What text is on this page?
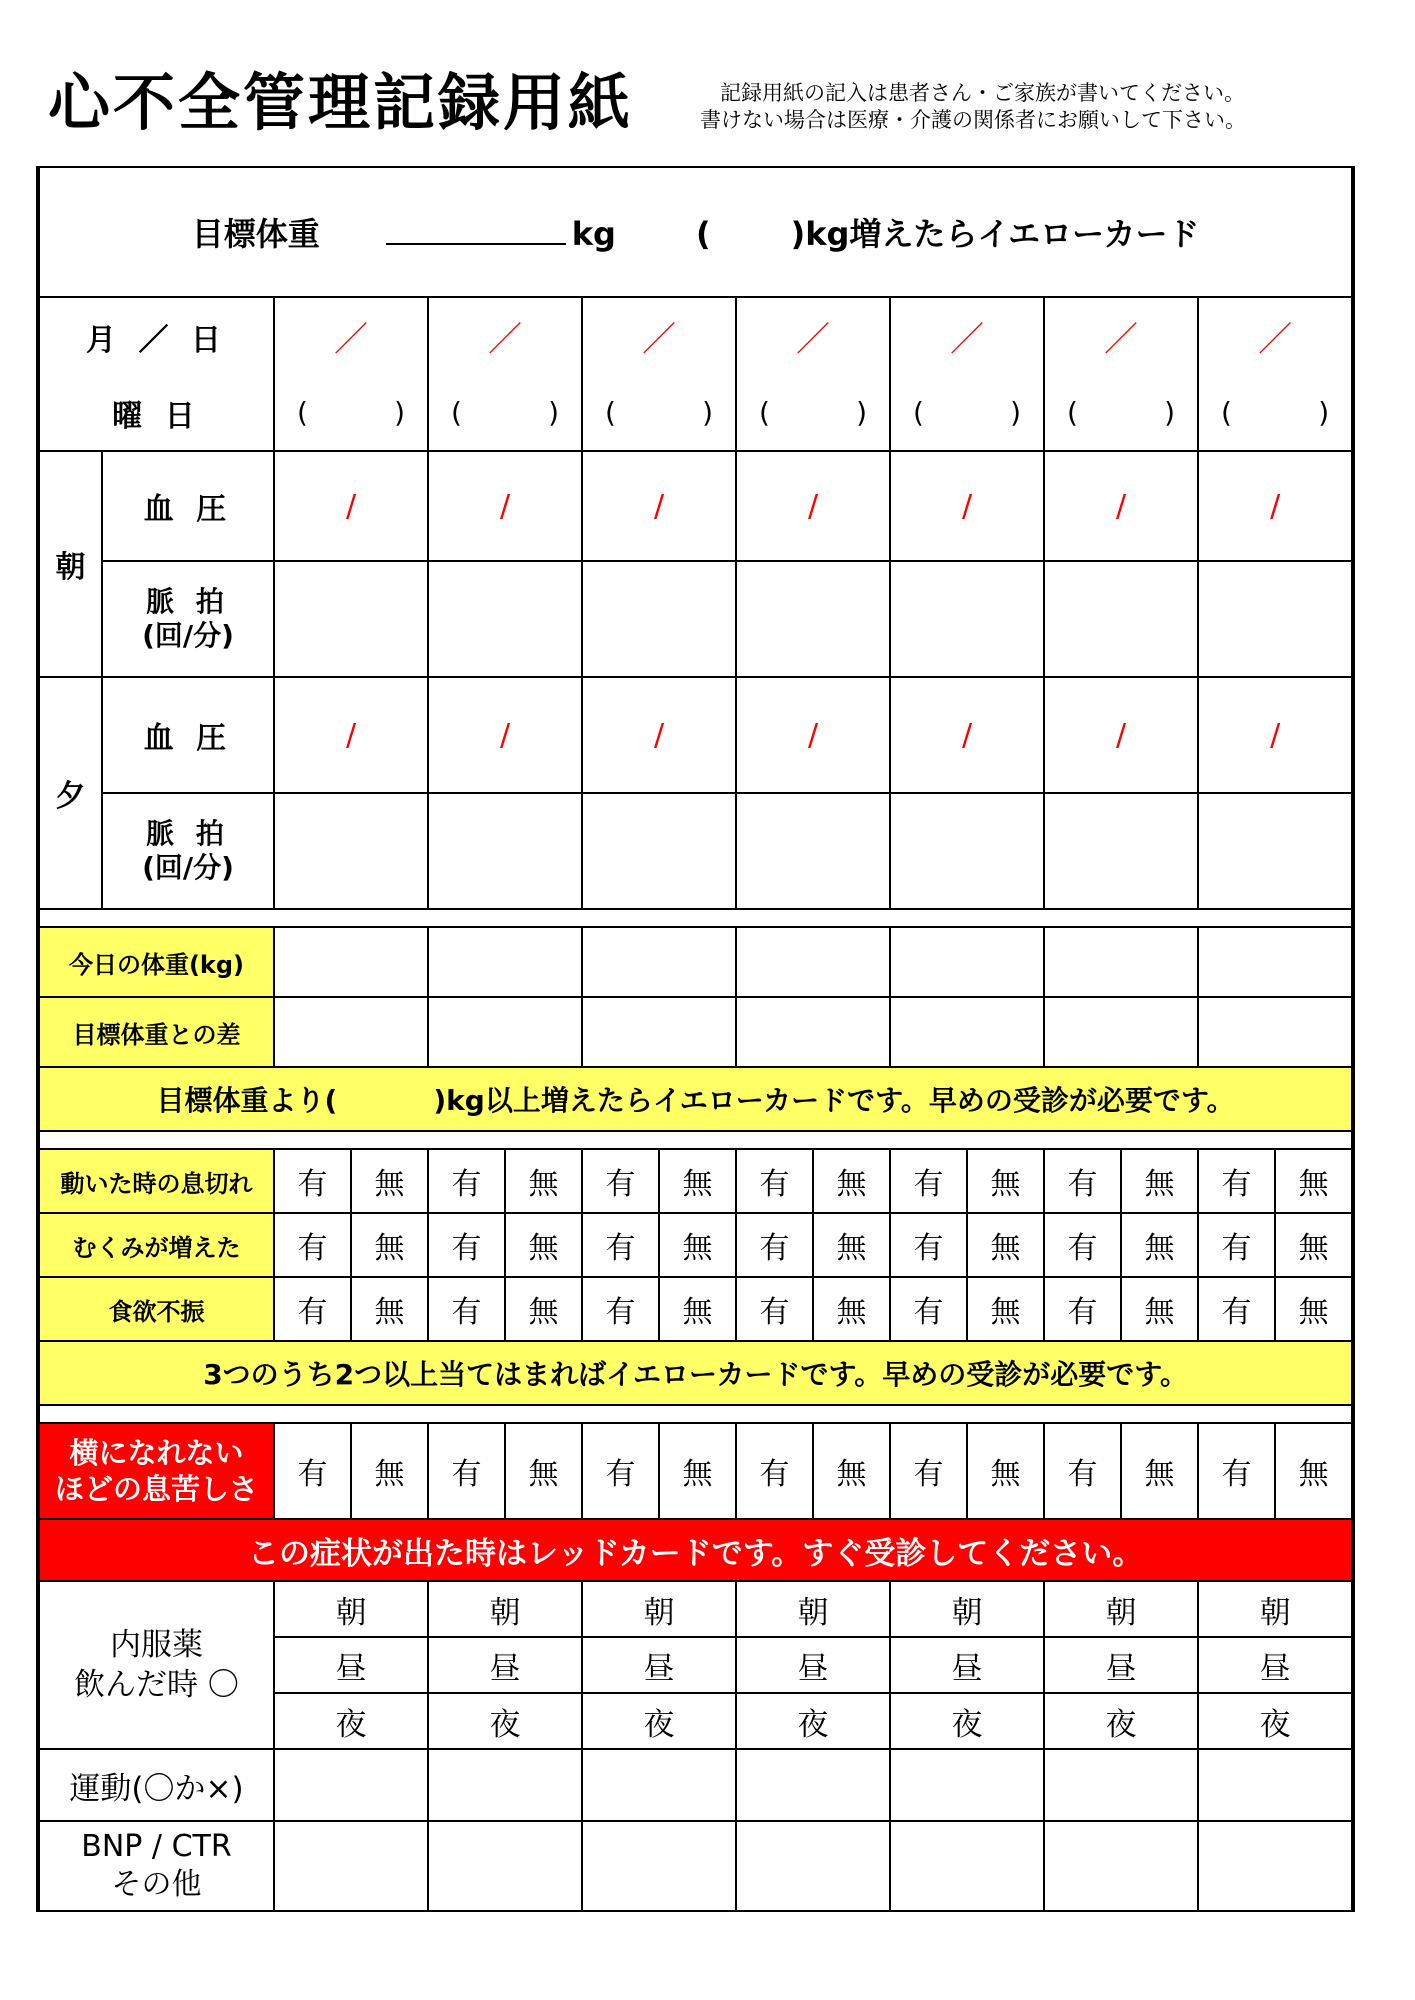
心不全管理記録用紙	記録用紙の記入は患者さん・ご家族が書いてください。
書けない場合は医療・介護の関係者にお願いして下さい。
目標体重 kg ( )kg増えたらイエローカード															
月 ／ 日		／		／		／		／		／		／		／	
曜 日		( )		( )		( )		( )		( )		( )		( )	

朝	血 圧	/		/		/		/		/		/		/	

	脈 拍
(回/分)														

夕	血 圧	/		/		/		/		/		/		/	

	脈 拍
(回/分)														

今日の体重(kg)															
目標体重との差															
目標体重より( )kg以上増えたらイエローカードです。早めの受診が必要です。															

動いた時の息切れ		有	無	有	無	有	無	有	無	有	無	有	無	有	無
むくみが増えた		有	無	有	無	有	無	有	無	有	無	有	無	有	無
食欲不振		有	無	有	無	有	無	有	無	有	無	有	無	有	無
3つのうち2つ以上当てはまればイエローカードです。早めの受診が必要です。															

横になれない
ほどの息苦しさ		有	無	有	無	有	無	有	無	有	無	有	無	有	無
この症状が出た時はレッドカードです。すぐ受診してください。															

内服薬
飲んだ時 〇		朝		朝		朝		朝		朝		朝		朝	
		昼		昼		昼		昼		昼		昼		昼	
		夜		夜		夜		夜		夜		夜		夜	
運動(〇か×)															

BNP / CTR
その他															
